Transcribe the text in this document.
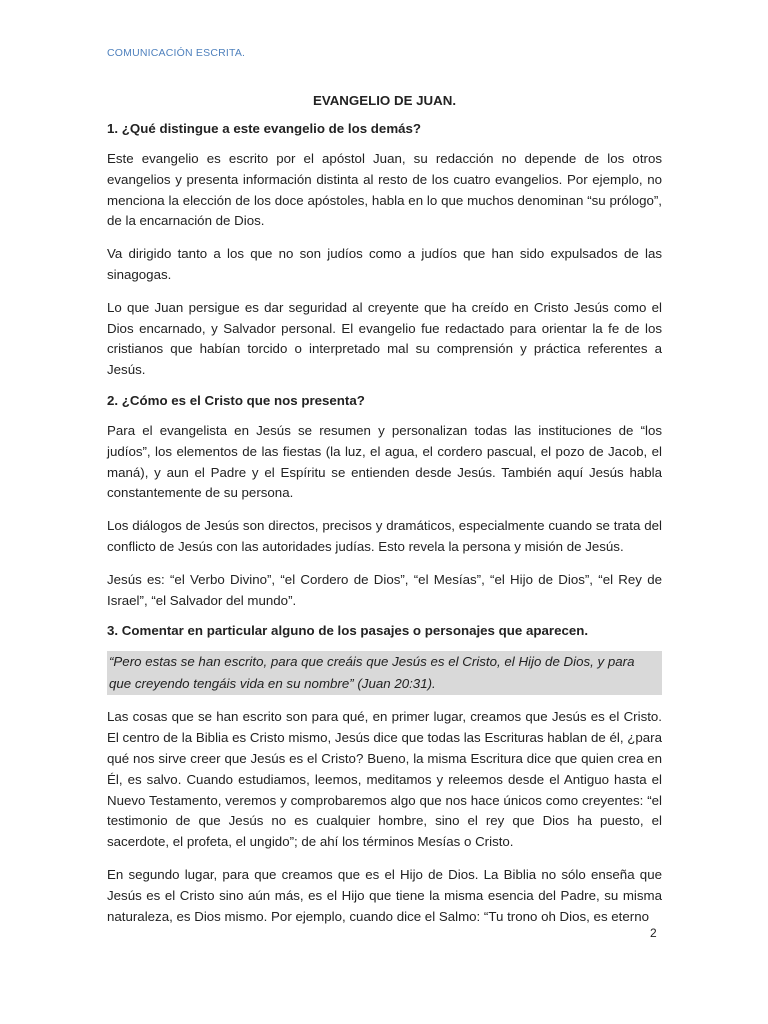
COMUNICACIÓN ESCRITA.
EVANGELIO DE JUAN.
1. ¿Qué distingue a este evangelio de los demás?

Este evangelio es escrito por el apóstol Juan, su redacción no depende de los otros evangelios y presenta información distinta al resto de los cuatro evangelios. Por ejemplo, no menciona la elección de los doce apóstoles, habla en lo que muchos denominan “su prólogo”, de la encarnación de Dios.

Va dirigido tanto a los que no son judíos como a judíos que han sido expulsados de las sinagogas.

Lo que Juan persigue es dar seguridad al creyente que ha creído en Cristo Jesús como el Dios encarnado, y Salvador personal. El evangelio fue redactado para orientar la fe de los cristianos que habían torcido o interpretado mal su comprensión y práctica referentes a Jesús.

2. ¿Cómo es el Cristo que nos presenta?

Para el evangelista en Jesús se resumen y personalizan todas las instituciones de “los judíos”, los elementos de las fiestas (la luz, el agua, el cordero pascual, el pozo de Jacob, el maná), y aun el Padre y el Espíritu se entienden desde Jesús. También aquí Jesús habla constantemente de su persona.

Los diálogos de Jesús son directos, precisos y dramáticos, especialmente cuando se trata del conflicto de Jesús con las autoridades judías. Esto revela la persona y misión de Jesús.

Jesús es: “el Verbo Divino”, “el Cordero de Dios”, “el Mesías”, “el Hijo de Dios”, “el Rey de Israel”, “el Salvador del mundo”.

3. Comentar en particular alguno de los pasajes o personajes que aparecen.
“Pero estas se han escrito, para que creáis que Jesús es el Cristo, el Hijo de Dios, y para que creyendo tengáis vida en su nombre” (Juan 20:31).

Las cosas que se han escrito son para qué, en primer lugar, creamos que Jesús es el Cristo. El centro de la Biblia es Cristo mismo, Jesús dice que todas las Escrituras hablan de él, ¿para qué nos sirve creer que Jesús es el Cristo? Bueno, la misma Escritura dice que quien crea en Él, es salvo. Cuando estudiamos, leemos, meditamos y releemos desde el Antiguo hasta el Nuevo Testamento, veremos y comprobaremos algo que nos hace únicos como creyentes: “el testimonio de que Jesús no es cualquier hombre, sino el rey que Dios ha puesto, el sacerdote, el profeta, el ungido”; de ahí los términos Mesías o Cristo.

En segundo lugar, para que creamos que es el Hijo de Dios. La Biblia no sólo enseña que Jesús es el Cristo sino aún más, es el Hijo que tiene la misma esencia del Padre, su misma naturaleza, es Dios mismo. Por ejemplo, cuando dice el Salmo: “Tu trono oh Dios, es eterno

2
